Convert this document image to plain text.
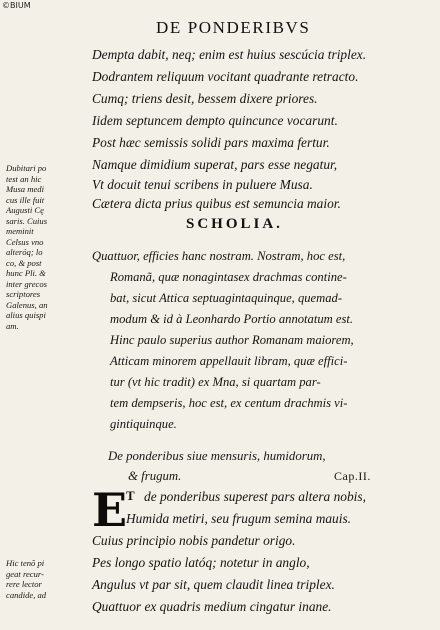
©BIUM
DE PONDERIBVS
Dempta dabit, neq; enim est huius sescúcia triplex.
Dodrantem reliquum vocitant quadrante retracto.
Cumq; triens desit, bessem dixere priores.
Iidem septuncem dempto quincunce vocarunt.
Post hæc semissis solidi pars maxima fertur.
Namque dimidium superat, pars esse negatur,
Vt docuit tenui scribens in puluere Musa.
Cætera dicta prius quibus est semuncia maior.
Dubitari po
test an hic
Musa medi
cus ille fuit
Augusti Cę
saris. Cuius
meminit
Celsus vno
alteróq; lo
co, & post
hunc Pli. &
inter grecos
scriptores
Galenus, an
alius quispi
am.
SCHOLIA.
Quattuor, efficies hanc nostram. Nostram, hoc est,
Romanã, quæ nonagintasex drachmas contine-
bat, sicut Attica septuagintaquinque, quemad-
modum & id à Leonhardo Portio annotatum est.
Hinc paulo superius author Romanam maiorem,
Atticam minorem appellauit libram, quæ effici-
tur (vt hic tradit) ex Mna, si quartam par-
tem dempseris, hoc est, ex centum drachmis vi-
gintiquinque.
De ponderibus siue mensuris, humidorum,
& frugum.	Cap.II.
E
T de ponderibus superest pars altera nobis,
Humida metiri, seu frugum semina mauis.
Cuius principio nobis pandetur origo.
Pes longo spatio latóq; notetur in anglo,
Angulus vt par sit, quem claudit linea triplex.
Quattuor ex quadris medium cingatur inane.
Hic tenõ pi
geat recur-
rere lector
candide, ad
